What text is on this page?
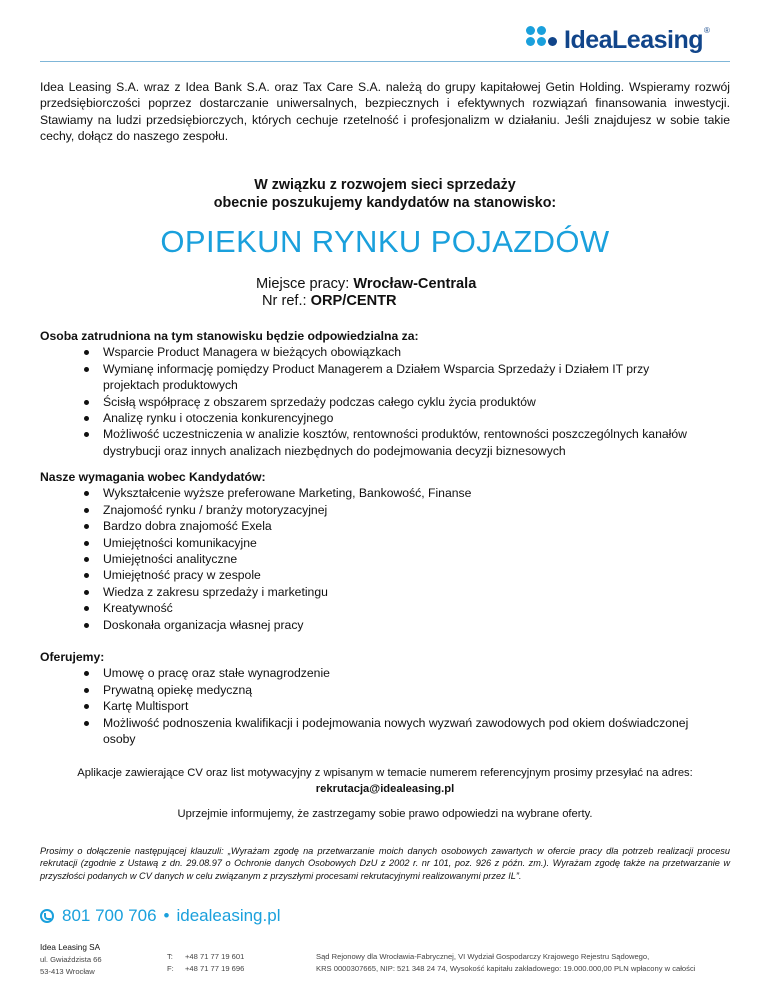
IdeaLeasing®
Idea Leasing S.A. wraz z Idea Bank S.A. oraz Tax Care S.A. należą do grupy kapitałowej Getin Holding. Wspieramy rozwój przedsiębiorczości poprzez dostarczanie uniwersalnych, bezpiecznych i efektywnych rozwiązań finansowania inwestycji. Stawiamy na ludzi przedsiębiorczych, których cechuje rzetelność i profesjonalizm w działaniu. Jeśli znajdujesz w sobie takie cechy, dołącz do naszego zespołu.
W związku z rozwojem sieci sprzedaży
obecnie poszukujemy kandydatów na stanowisko:
OPIEKUN RYNKU POJAZDÓW
Miejsce pracy: Wrocław-Centrala
Nr ref.: ORP/CENTR
Osoba zatrudniona na tym stanowisku będzie odpowiedzialna za:
Wsparcie Product Managera w bieżących obowiązkach
Wymianę informację pomiędzy Product Managerem a Działem Wsparcia Sprzedaży i Działem IT przy projektach produktowych
Ścisłą współpracę z obszarem sprzedaży podczas całego cyklu życia produktów
Analizę rynku i otoczenia konkurencyjnego
Możliwość uczestniczenia w analizie kosztów, rentowności produktów, rentowności poszczególnych kanałów dystrybucji oraz innych analizach niezbędnych do podejmowania decyzji biznesowych
Nasze wymagania wobec Kandydatów:
Wykształcenie wyższe preferowane Marketing, Bankowość, Finanse
Znajomość rynku / branży motoryzacyjnej
Bardzo dobra znajomość Exela
Umiejętności komunikacyjne
Umiejętności analityczne
Umiejętność pracy w zespole
Wiedza z zakresu sprzedaży i marketingu
Kreatywność
Doskonała organizacja własnej pracy
Oferujemy:
Umowę o pracę oraz stałe wynagrodzenie
Prywatną opiekę medyczną
Kartę Multisport
Możliwość podnoszenia kwalifikacji i podejmowania nowych wyzwań zawodowych pod okiem doświadczonej osoby
Aplikacje zawierające CV oraz list motywacyjny z wpisanym w temacie numerem referencyjnym prosimy przesyłać na adres:
rekrutacja@idealeasing.pl
Uprzejmie informujemy, że zastrzegamy sobie prawo odpowiedzi na wybrane oferty.
Prosimy o dołączenie następującej klauzuli: „Wyrażam zgodę na przetwarzanie moich danych osobowych zawartych w ofercie pracy dla potrzeb realizacji procesu rekrutacji (zgodnie z Ustawą z dn. 29.08.97 o Ochronie danych Osobowych DzU z 2002 r. nr 101, poz. 926 z późn. zm.). Wyrażam zgodę także na przetwarzanie w przyszłości podanych w CV danych w celu związanym z przyszłymi procesami rekrutacyjnymi realizowanymi przez IL”.
801 700 706 • idealeasing.pl
Idea Leasing SA
ul. Gwiaździsta 66
53-413 Wrocław
T: +48 71 77 19 601
F: +48 71 77 19 696
Sąd Rejonowy dla Wrocławia-Fabrycznej, VI Wydział Gospodarczy Krajowego Rejestru Sądowego,
KRS 0000307665, NIP: 521 348 24 74, Wysokość kapitału zakładowego: 19.000.000,00 PLN wpłacony w całości
